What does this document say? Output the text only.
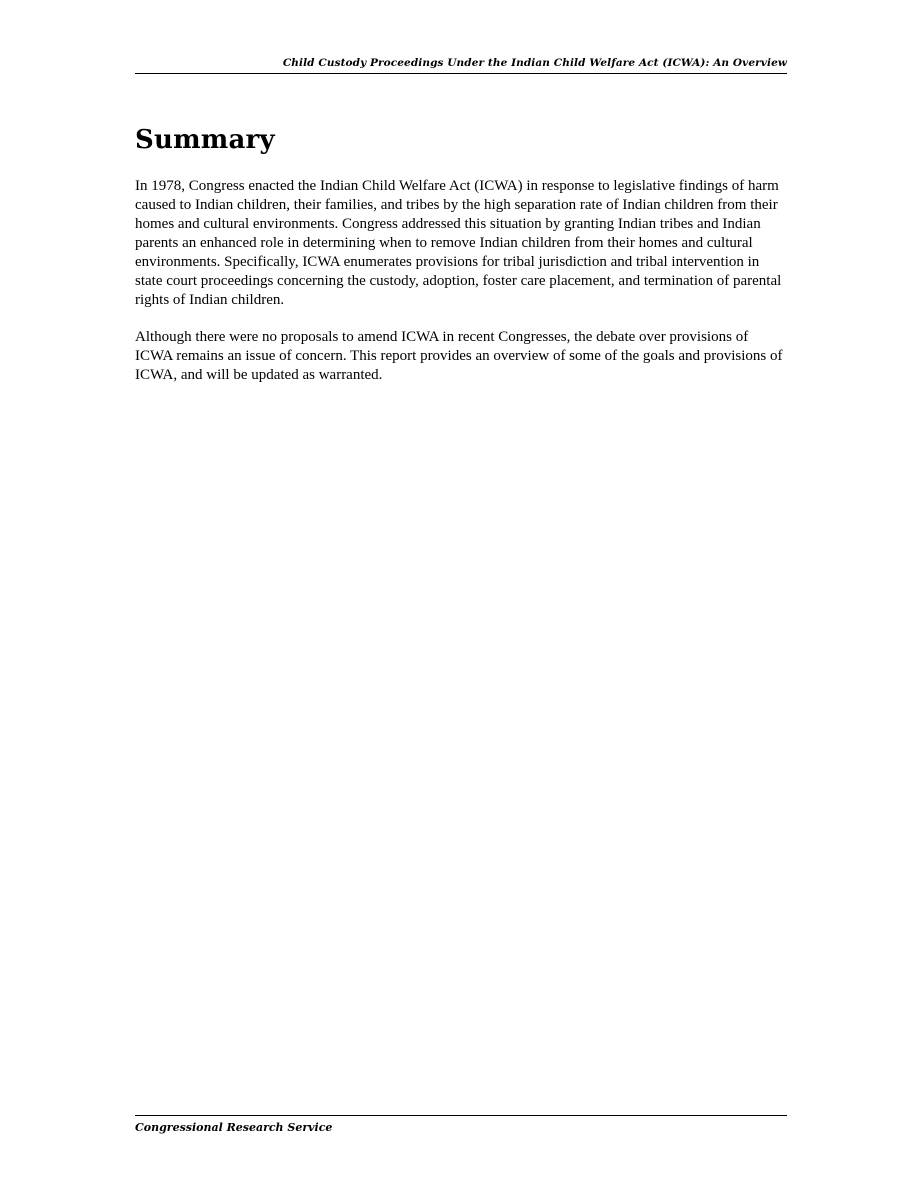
Child Custody Proceedings Under the Indian Child Welfare Act (ICWA): An Overview
Summary

In 1978, Congress enacted the Indian Child Welfare Act (ICWA) in response to legislative findings of harm caused to Indian children, their families, and tribes by the high separation rate of Indian children from their homes and cultural environments. Congress addressed this situation by granting Indian tribes and Indian parents an enhanced role in determining when to remove Indian children from their homes and cultural environments. Specifically, ICWA enumerates provisions for tribal jurisdiction and tribal intervention in state court proceedings concerning the custody, adoption, foster care placement, and termination of parental rights of Indian children.

Although there were no proposals to amend ICWA in recent Congresses, the debate over provisions of ICWA remains an issue of concern. This report provides an overview of some of the goals and provisions of ICWA, and will be updated as warranted.

Congressional Research Service
